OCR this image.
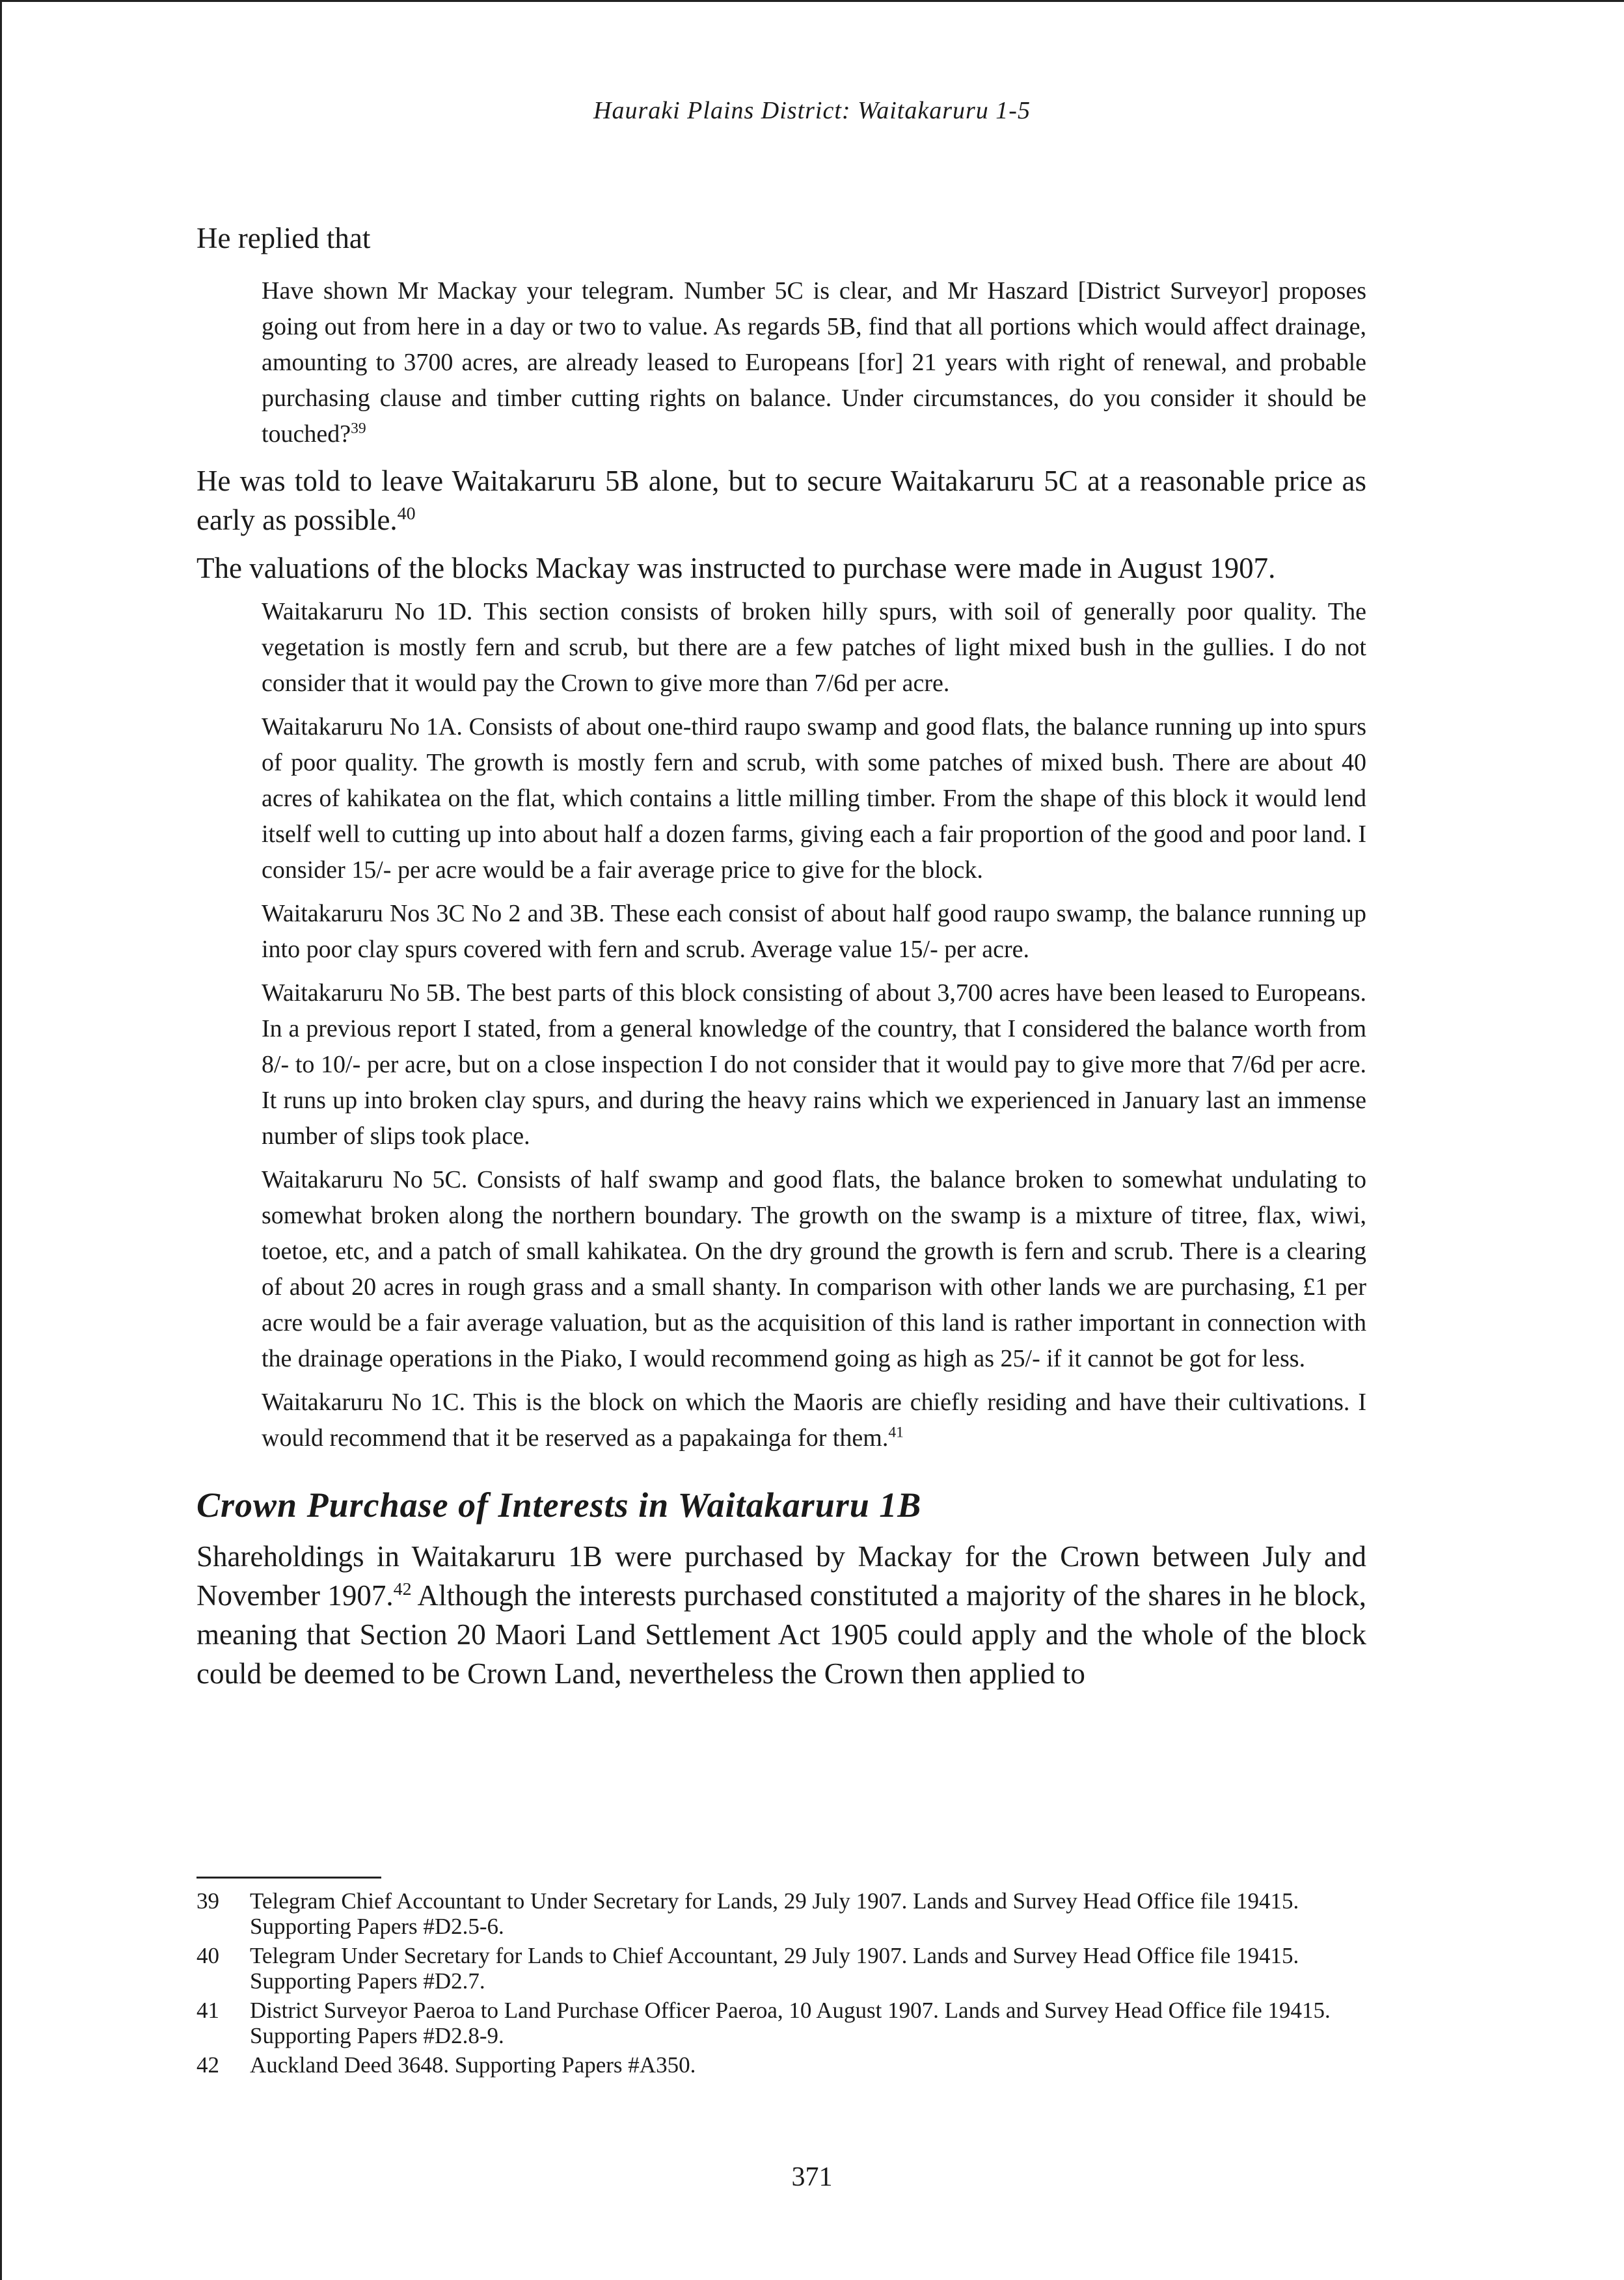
Hauraki Plains District: Waitakaruru 1-5

He replied that

Have shown Mr Mackay your telegram. Number 5C is clear, and Mr Haszard [District Surveyor] proposes going out from here in a day or two to value. As regards 5B, find that all portions which would affect drainage, amounting to 3700 acres, are already leased to Europeans [for] 21 years with right of renewal, and probable purchasing clause and timber cutting rights on balance. Under circumstances, do you consider it should be touched?$^{39}$

He was told to leave Waitakaruru 5B alone, but to secure Waitakaruru 5C at a reasonable price as early as possible.$^{40}$

The valuations of the blocks Mackay was instructed to purchase were made in August 1907.

Waitakaruru No 1D. This section consists of broken hilly spurs, with soil of generally poor quality. The vegetation is mostly fern and scrub, but there are a few patches of light mixed bush in the gullies. I do not consider that it would pay the Crown to give more than 7/6d per acre.

Waitakaruru No 1A. Consists of about one-third raupo swamp and good flats, the balance running up into spurs of poor quality. The growth is mostly fern and scrub, with some patches of mixed bush. There are about 40 acres of kahikatea on the flat, which contains a little milling timber. From the shape of this block it would lend itself well to cutting up into about half a dozen farms, giving each a fair proportion of the good and poor land. I consider 15/- per acre would be a fair average price to give for the block.

Waitakaruru Nos 3C No 2 and 3B. These each consist of about half good raupo swamp, the balance running up into poor clay spurs covered with fern and scrub. Average value 15/- per acre.

Waitakaruru No 5B. The best parts of this block consisting of about 3,700 acres have been leased to Europeans. In a previous report I stated, from a general knowledge of the country, that I considered the balance worth from 8/- to 10/- per acre, but on a close inspection I do not consider that it would pay to give more that 7/6d per acre. It runs up into broken clay spurs, and during the heavy rains which we experienced in January last an immense number of slips took place.

Waitakaruru No 5C. Consists of half swamp and good flats, the balance broken to somewhat undulating to somewhat broken along the northern boundary. The growth on the swamp is a mixture of titree, flax, wiwi, toetoe, etc, and a patch of small kahikatea. On the dry ground the growth is fern and scrub. There is a clearing of about 20 acres in rough grass and a small shanty. In comparison with other lands we are purchasing, £1 per acre would be a fair average valuation, but as the acquisition of this land is rather important in connection with the drainage operations in the Piako, I would recommend going as high as 25/- if it cannot be got for less.

Waitakaruru No 1C. This is the block on which the Maoris are chiefly residing and have their cultivations. I would recommend that it be reserved as a papakainga for them.$^{41}$

Crown Purchase of Interests in Waitakaruru 1B

Shareholdings in Waitakaruru 1B were purchased by Mackay for the Crown between July and November 1907.42 Although the interests purchased constituted a majority of the shares in he block, meaning that Section 20 Maori Land Settlement Act 1905 could apply and the whole of the block could be deemed to be Crown Land, nevertheless the Crown then applied to

39	Telegram Chief Accountant to Under Secretary for Lands, 29 July 1907. Lands and Survey Head Office file 19415. Supporting Papers #D2.5-6.
40	Telegram Under Secretary for Lands to Chief Accountant, 29 July 1907. Lands and Survey Head Office file 19415. Supporting Papers #D2.7.
41	District Surveyor Paeroa to Land Purchase Officer Paeroa, 10 August 1907. Lands and Survey Head Office file 19415. Supporting Papers #D2.8-9.
42	Auckland Deed 3648. Supporting Papers #A350.
371
